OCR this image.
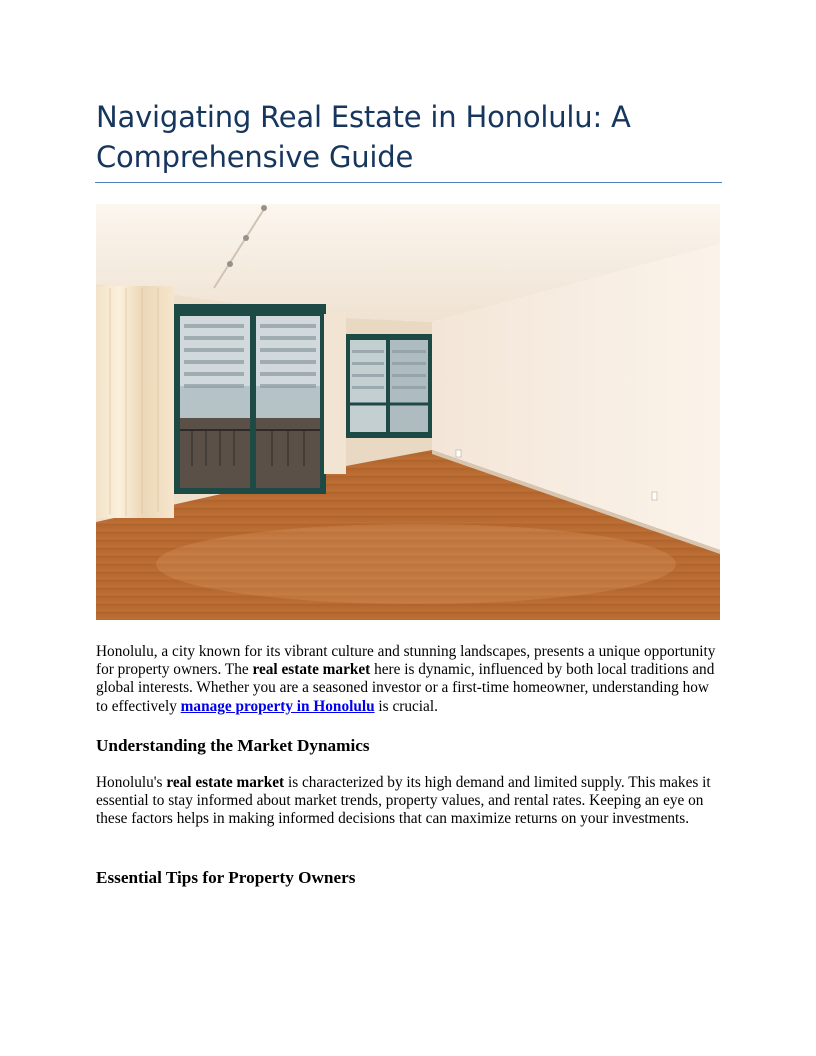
Navigating Real Estate in Honolulu: A Comprehensive Guide

Honolulu, a city known for its vibrant culture and stunning landscapes, presents a unique opportunity for property owners. The real estate market here is dynamic, influenced by both local traditions and global interests. Whether you are a seasoned investor or a first-time homeowner, understanding how to effectively manage property in Honolulu is crucial.

Understanding the Market Dynamics

Honolulu's real estate market is characterized by its high demand and limited supply. This makes it essential to stay informed about market trends, property values, and rental rates. Keeping an eye on these factors helps in making informed decisions that can maximize returns on your investments.

Essential Tips for Property Owners
